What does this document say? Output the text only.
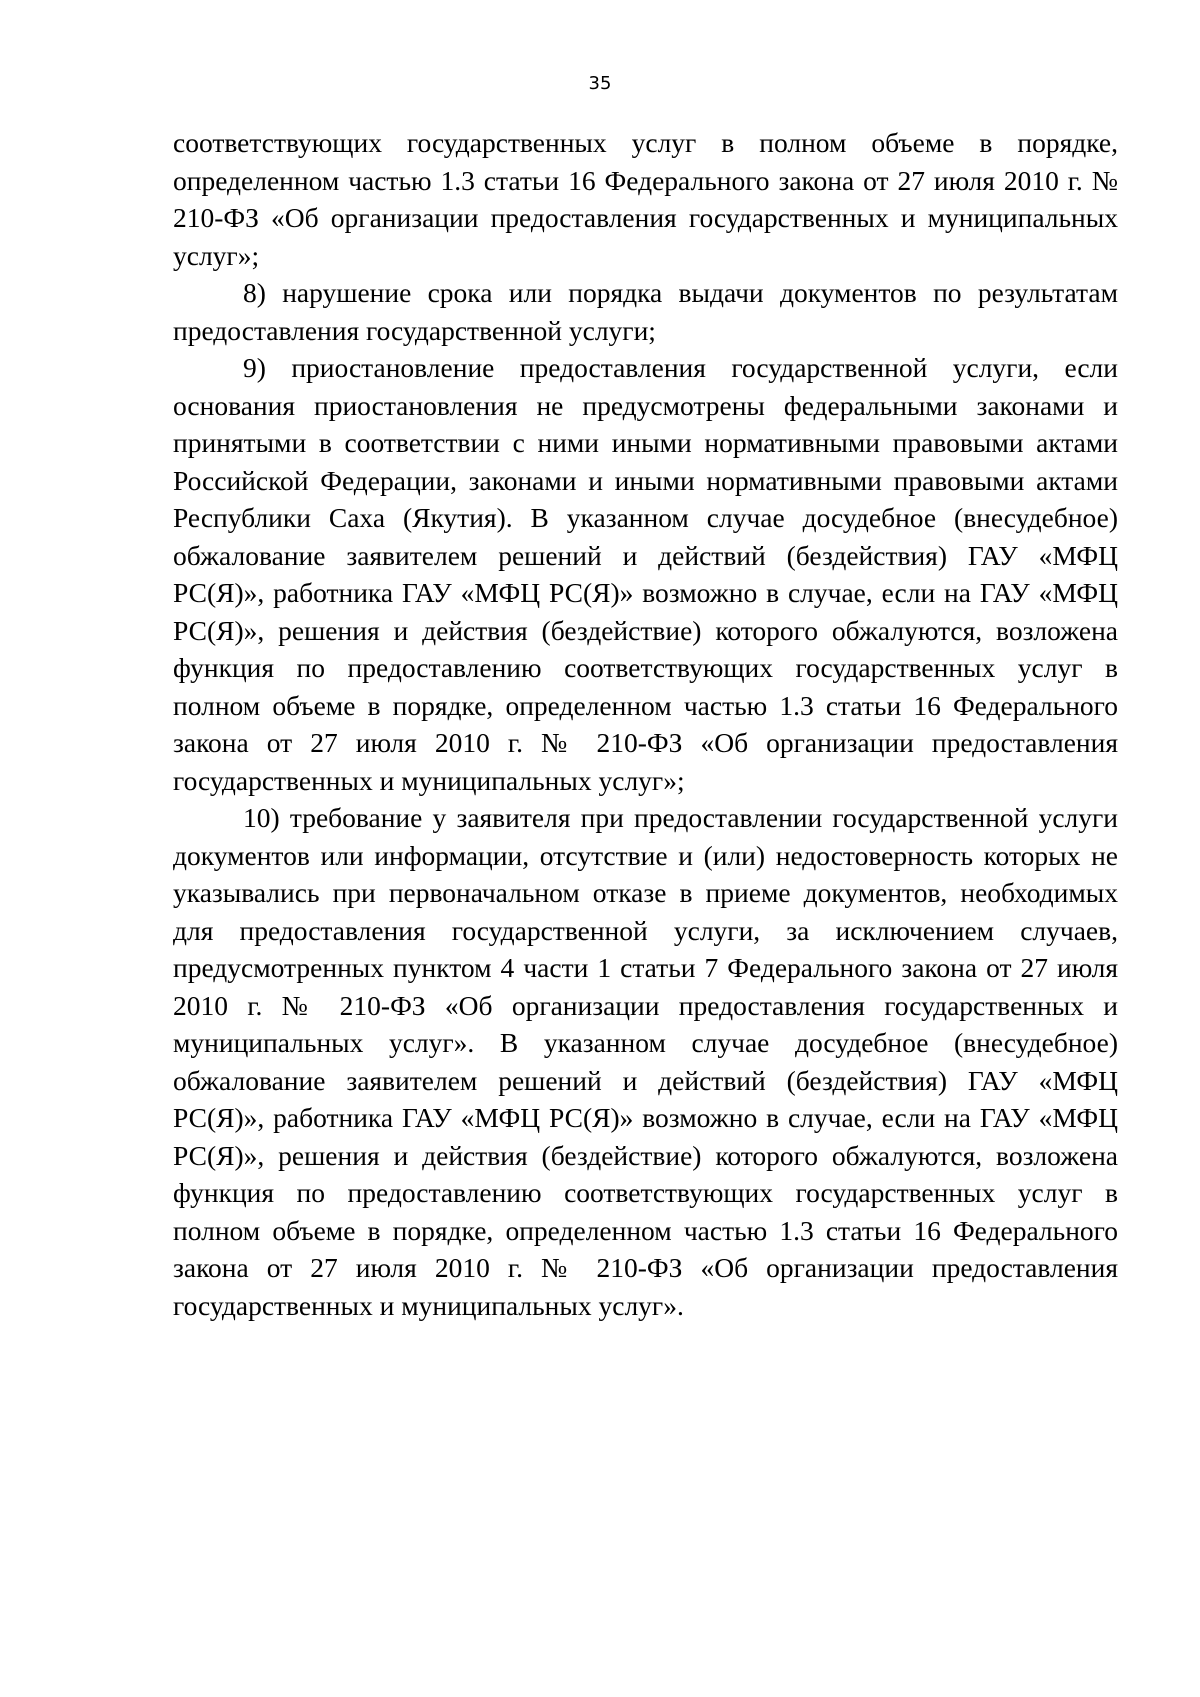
35

соответствующих государственных услуг в полном объеме в порядке, определенном частью 1.3 статьи 16 Федерального закона от 27 июля 2010 г. № 210-ФЗ «Об организации предоставления государственных и муниципальных услуг»;

8) нарушение срока или порядка выдачи документов по результатам предоставления государственной услуги;

9) приостановление предоставления государственной услуги, если основания приостановления не предусмотрены федеральными законами и принятыми в соответствии с ними иными нормативными правовыми актами Российской Федерации, законами и иными нормативными правовыми актами Республики Саха (Якутия). В указанном случае досудебное (внесудебное) обжалование заявителем решений и действий (бездействия) ГАУ «МФЦ РС(Я)», работника ГАУ «МФЦ РС(Я)» возможно в случае, если на ГАУ «МФЦ РС(Я)», решения и действия (бездействие) которого обжалуются, возложена функция по предоставлению соответствующих государственных услуг в полном объеме в порядке, определенном частью 1.3 статьи 16 Федерального закона от 27 июля 2010 г. № 210-ФЗ «Об организации предоставления государственных и муниципальных услуг»;

10) требование у заявителя при предоставлении государственной услуги документов или информации, отсутствие и (или) недостоверность которых не указывались при первоначальном отказе в приеме документов, необходимых для предоставления государственной услуги, за исключением случаев, предусмотренных пунктом 4 части 1 статьи 7 Федерального закона от 27 июля 2010 г. № 210-ФЗ «Об организации предоставления государственных и муниципальных услуг». В указанном случае досудебное (внесудебное) обжалование заявителем решений и действий (бездействия) ГАУ «МФЦ РС(Я)», работника ГАУ «МФЦ РС(Я)» возможно в случае, если на ГАУ «МФЦ РС(Я)», решения и действия (бездействие) которого обжалуются, возложена функция по предоставлению соответствующих государственных услуг в полном объеме в порядке, определенном частью 1.3 статьи 16 Федерального закона от 27 июля 2010 г. № 210-ФЗ «Об организации предоставления государственных и муниципальных услуг».
